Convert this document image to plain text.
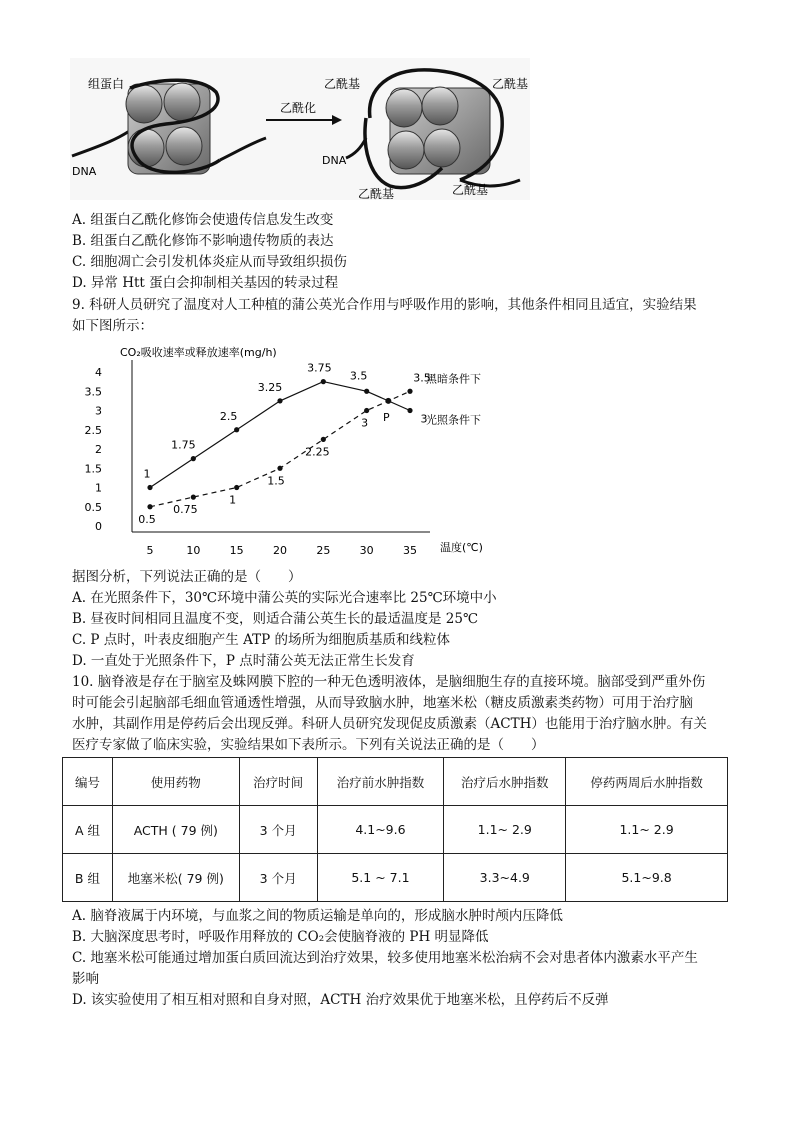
组蛋白
DNA
乙酰化
乙酰基	乙酰基
DNA
乙酰基	乙酰基
A. 组蛋白乙酰化修饰会使遗传信息发生改变
B. 组蛋白乙酰化修饰不影响遗传物质的表达
C. 细胞凋亡会引发机体炎症从而导致组织损伤
D. 异常 Htt 蛋白会抑制相关基因的转录过程
9. 科研人员研究了温度对人工种植的蒲公英光合作用与呼吸作用的影响，其他条件相同且适宜，实验结果
如下图所示：
CO₂吸收速率或释放速率(mg/h)
温度(℃)
4
3.5
3
2.5
2
1.5
1
0.5
0
5	10	15	20	25	30	35
1
1.75
2.5
3.25
3.75
3.5
3
0.5
0.75
1
1.5
2.25
3
3.5
P
黑暗条件下
光照条件下
据图分析，下列说法正确的是（　　）
A. 在光照条件下，30℃环境中蒲公英的实际光合速率比 25℃环境中小
B. 昼夜时间相同且温度不变，则适合蒲公英生长的最适温度是 25℃
C. P 点时，叶表皮细胞产生 ATP 的场所为细胞质基质和线粒体
D. 一直处于光照条件下，P 点时蒲公英无法正常生长发育
10. 脑脊液是存在于脑室及蛛网膜下腔的一种无色透明液体，是脑细胞生存的直接环境。脑部受到严重外伤
时可能会引起脑部毛细血管通透性增强，从而导致脑水肿，地塞米松（糖皮质激素类药物）可用于治疗脑
水肿，其副作用是停药后会出现反弹。科研人员研究发现促皮质激素（ACTH）也能用于治疗脑水肿。有关
医疗专家做了临床实验，实验结果如下表所示。下列有关说法正确的是（　　）
编号	使用药物	治疗时间	治疗前水肿指数	治疗后水肿指数	停药两周后水肿指数
A 组	ACTH ( 79 例)	3 个月	4.1~9.6	1.1~ 2.9	1.1~ 2.9
B 组	地塞米松( 79 例)	3 个月	5.1 ~ 7.1	3.3~4.9	5.1~9.8
A. 脑脊液属于内环境，与血浆之间的物质运输是单向的，形成脑水肿时颅内压降低
B. 大脑深度思考时，呼吸作用释放的 CO₂会使脑脊液的 PH 明显降低
C. 地塞米松可能通过增加蛋白质回流达到治疗效果，较多使用地塞米松治病不会对患者体内激素水平产生
影响
D. 该实验使用了相互相对照和自身对照，ACTH 治疗效果优于地塞米松，且停药后不反弹
